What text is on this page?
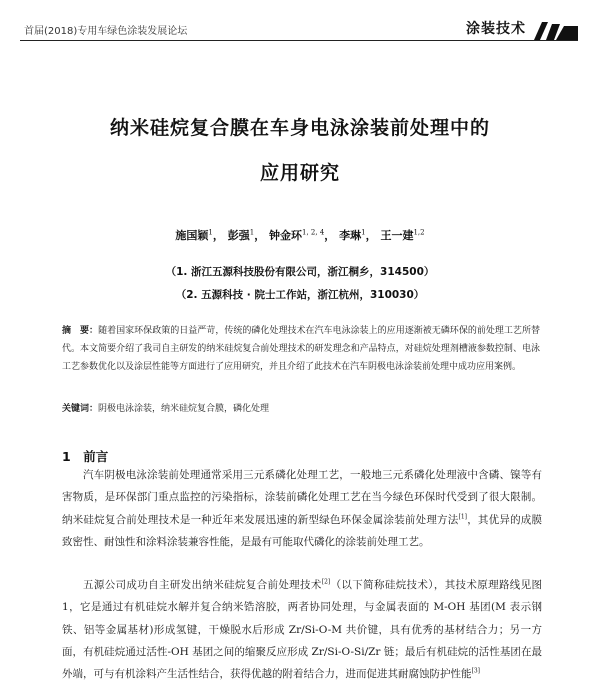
首届(2018)专用车绿色涂装发展论坛	涂装技术
纳米硅烷复合膜在车身电泳涂装前处理中的
应用研究
施国颖$^1$， 彭强$^1$， 钟金环$^{1, 2, 4}$， 李琳$^1$， 王一建$^{1,2}$
（1. 浙江五源科技股份有限公司，浙江桐乡，314500）
（2. 五源科技 · 院士工作站，浙江杭州，310030）
摘　要：随着国家环保政策的日益严苛，传统的磷化处理技术在汽车电泳涂装上的应用逐渐被无磷环保的前处理工艺所替代。本文简要介绍了我司自主研发的纳米硅烷复合前处理技术的研发理念和产品特点，对硅烷处理剂槽液参数控制、电泳工艺参数优化以及涂层性能等方面进行了应用研究，并且介绍了此技术在汽车阴极电泳涂装前处理中成功应用案例。
关键词：阴极电泳涂装，纳米硅烷复合膜，磷化处理
1　前言
汽车阴极电泳涂装前处理通常采用三元系磷化处理工艺，一般地三元系磷化处理液中含磷、镍等有害物质，是环保部门重点监控的污染指标，涂装前磷化处理工艺在当今绿色环保时代受到了很大限制。纳米硅烷复合前处理技术是一种近年来发展迅速的新型绿色环保金属涂装前处理方法[1]，其优异的成膜致密性、耐蚀性和涂料涂装兼容性能，是最有可能取代磷化的涂装前处理工艺。
五源公司成功自主研发出纳米硅烷复合前处理技术[2]（以下简称硅烷技术），其技术原理路线见图 1，它是通过有机硅烷水解并复合纳米锆溶胶，两者协同处理，与金属表面的 M-OH 基团(M 表示钢铁、铝等金属基材)形成氢键，干燥脱水后形成 Zr/Si-O-M 共价键，具有优秀的基材结合力；另一方面，有机硅烷通过活性-OH 基团之间的缩聚反应形成 Zr/Si-O-Si/Zr 链；最后有机硅烷的活性基团在最外端，可与有机涂料产生活性结合，获得优越的附着结合力，进而促进其耐腐蚀防护性能[3]
